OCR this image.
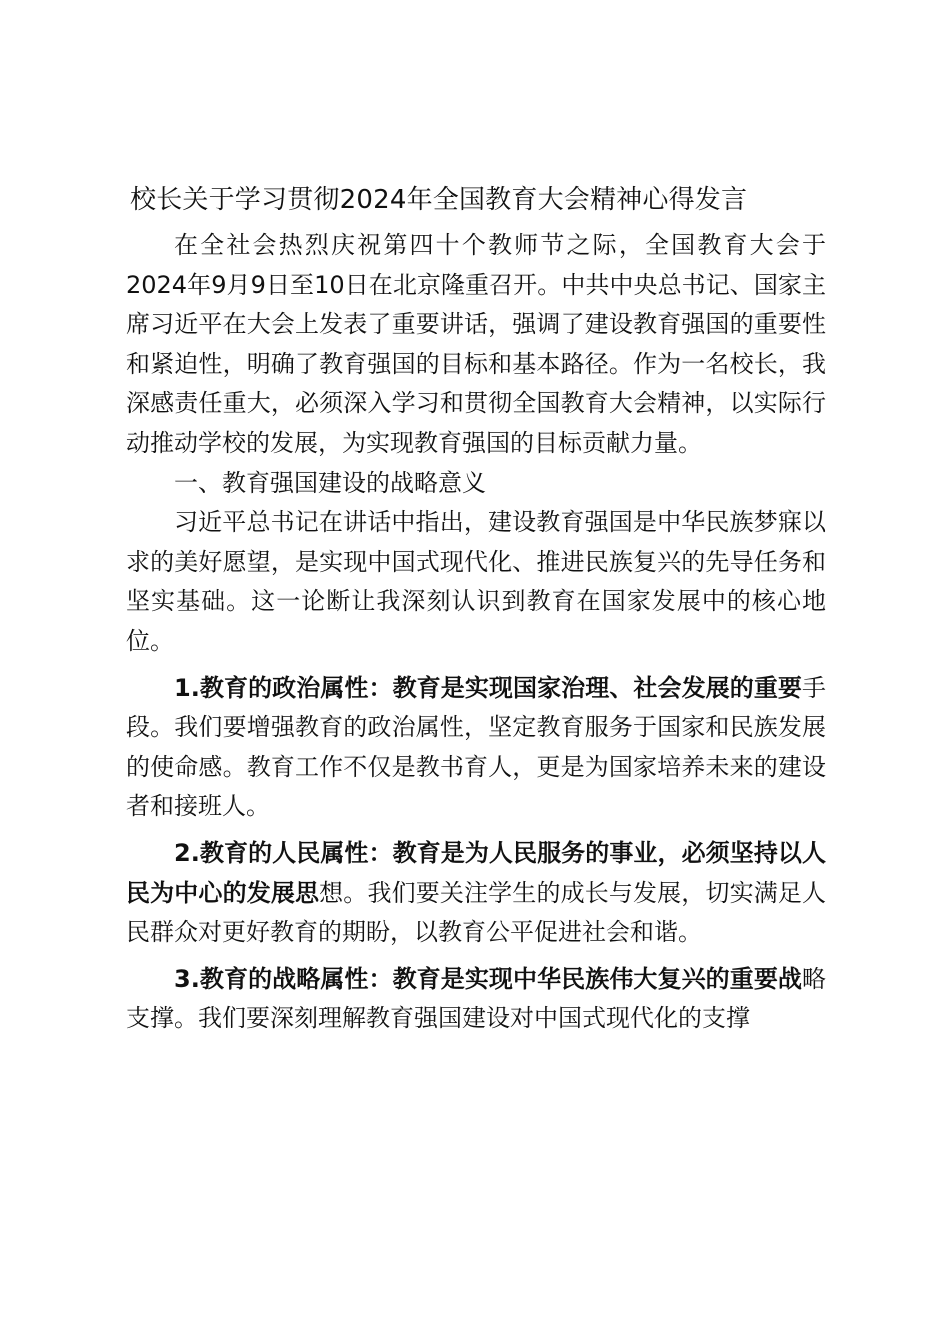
校长关于学习贯彻2024年全国教育大会精神心得发言

在全社会热烈庆祝第四十个教师节之际，全国教育大会于2024年9月9日至10日在北京隆重召开。中共中央总书记、国家主席习近平在大会上发表了重要讲话，强调了建设教育强国的重要性和紧迫性，明确了教育强国的目标和基本路径。作为一名校长，我深感责任重大，必须深入学习和贯彻全国教育大会精神，以实际行动推动学校的发展，为实现教育强国的目标贡献力量。

一、教育强国建设的战略意义

习近平总书记在讲话中指出，建设教育强国是中华民族梦寐以求的美好愿望，是实现中国式现代化、推进民族复兴的先导任务和坚实基础。这一论断让我深刻认识到教育在国家发展中的核心地位。

1.教育的政治属性：教育是实现国家治理、社会发展的重要手段。我们要增强教育的政治属性，坚定教育服务于国家和民族发展的使命感。教育工作不仅是教书育人，更是为国家培养未来的建设者和接班人。

2.教育的人民属性：教育是为人民服务的事业，必须坚持以人民为中心的发展思想。我们要关注学生的成长与发展，切实满足人民群众对更好教育的期盼，以教育公平促进社会和谐。

3.教育的战略属性：教育是实现中华民族伟大复兴的重要战略支撑。我们要深刻理解教育强国建设对中国式现代化的支撑
